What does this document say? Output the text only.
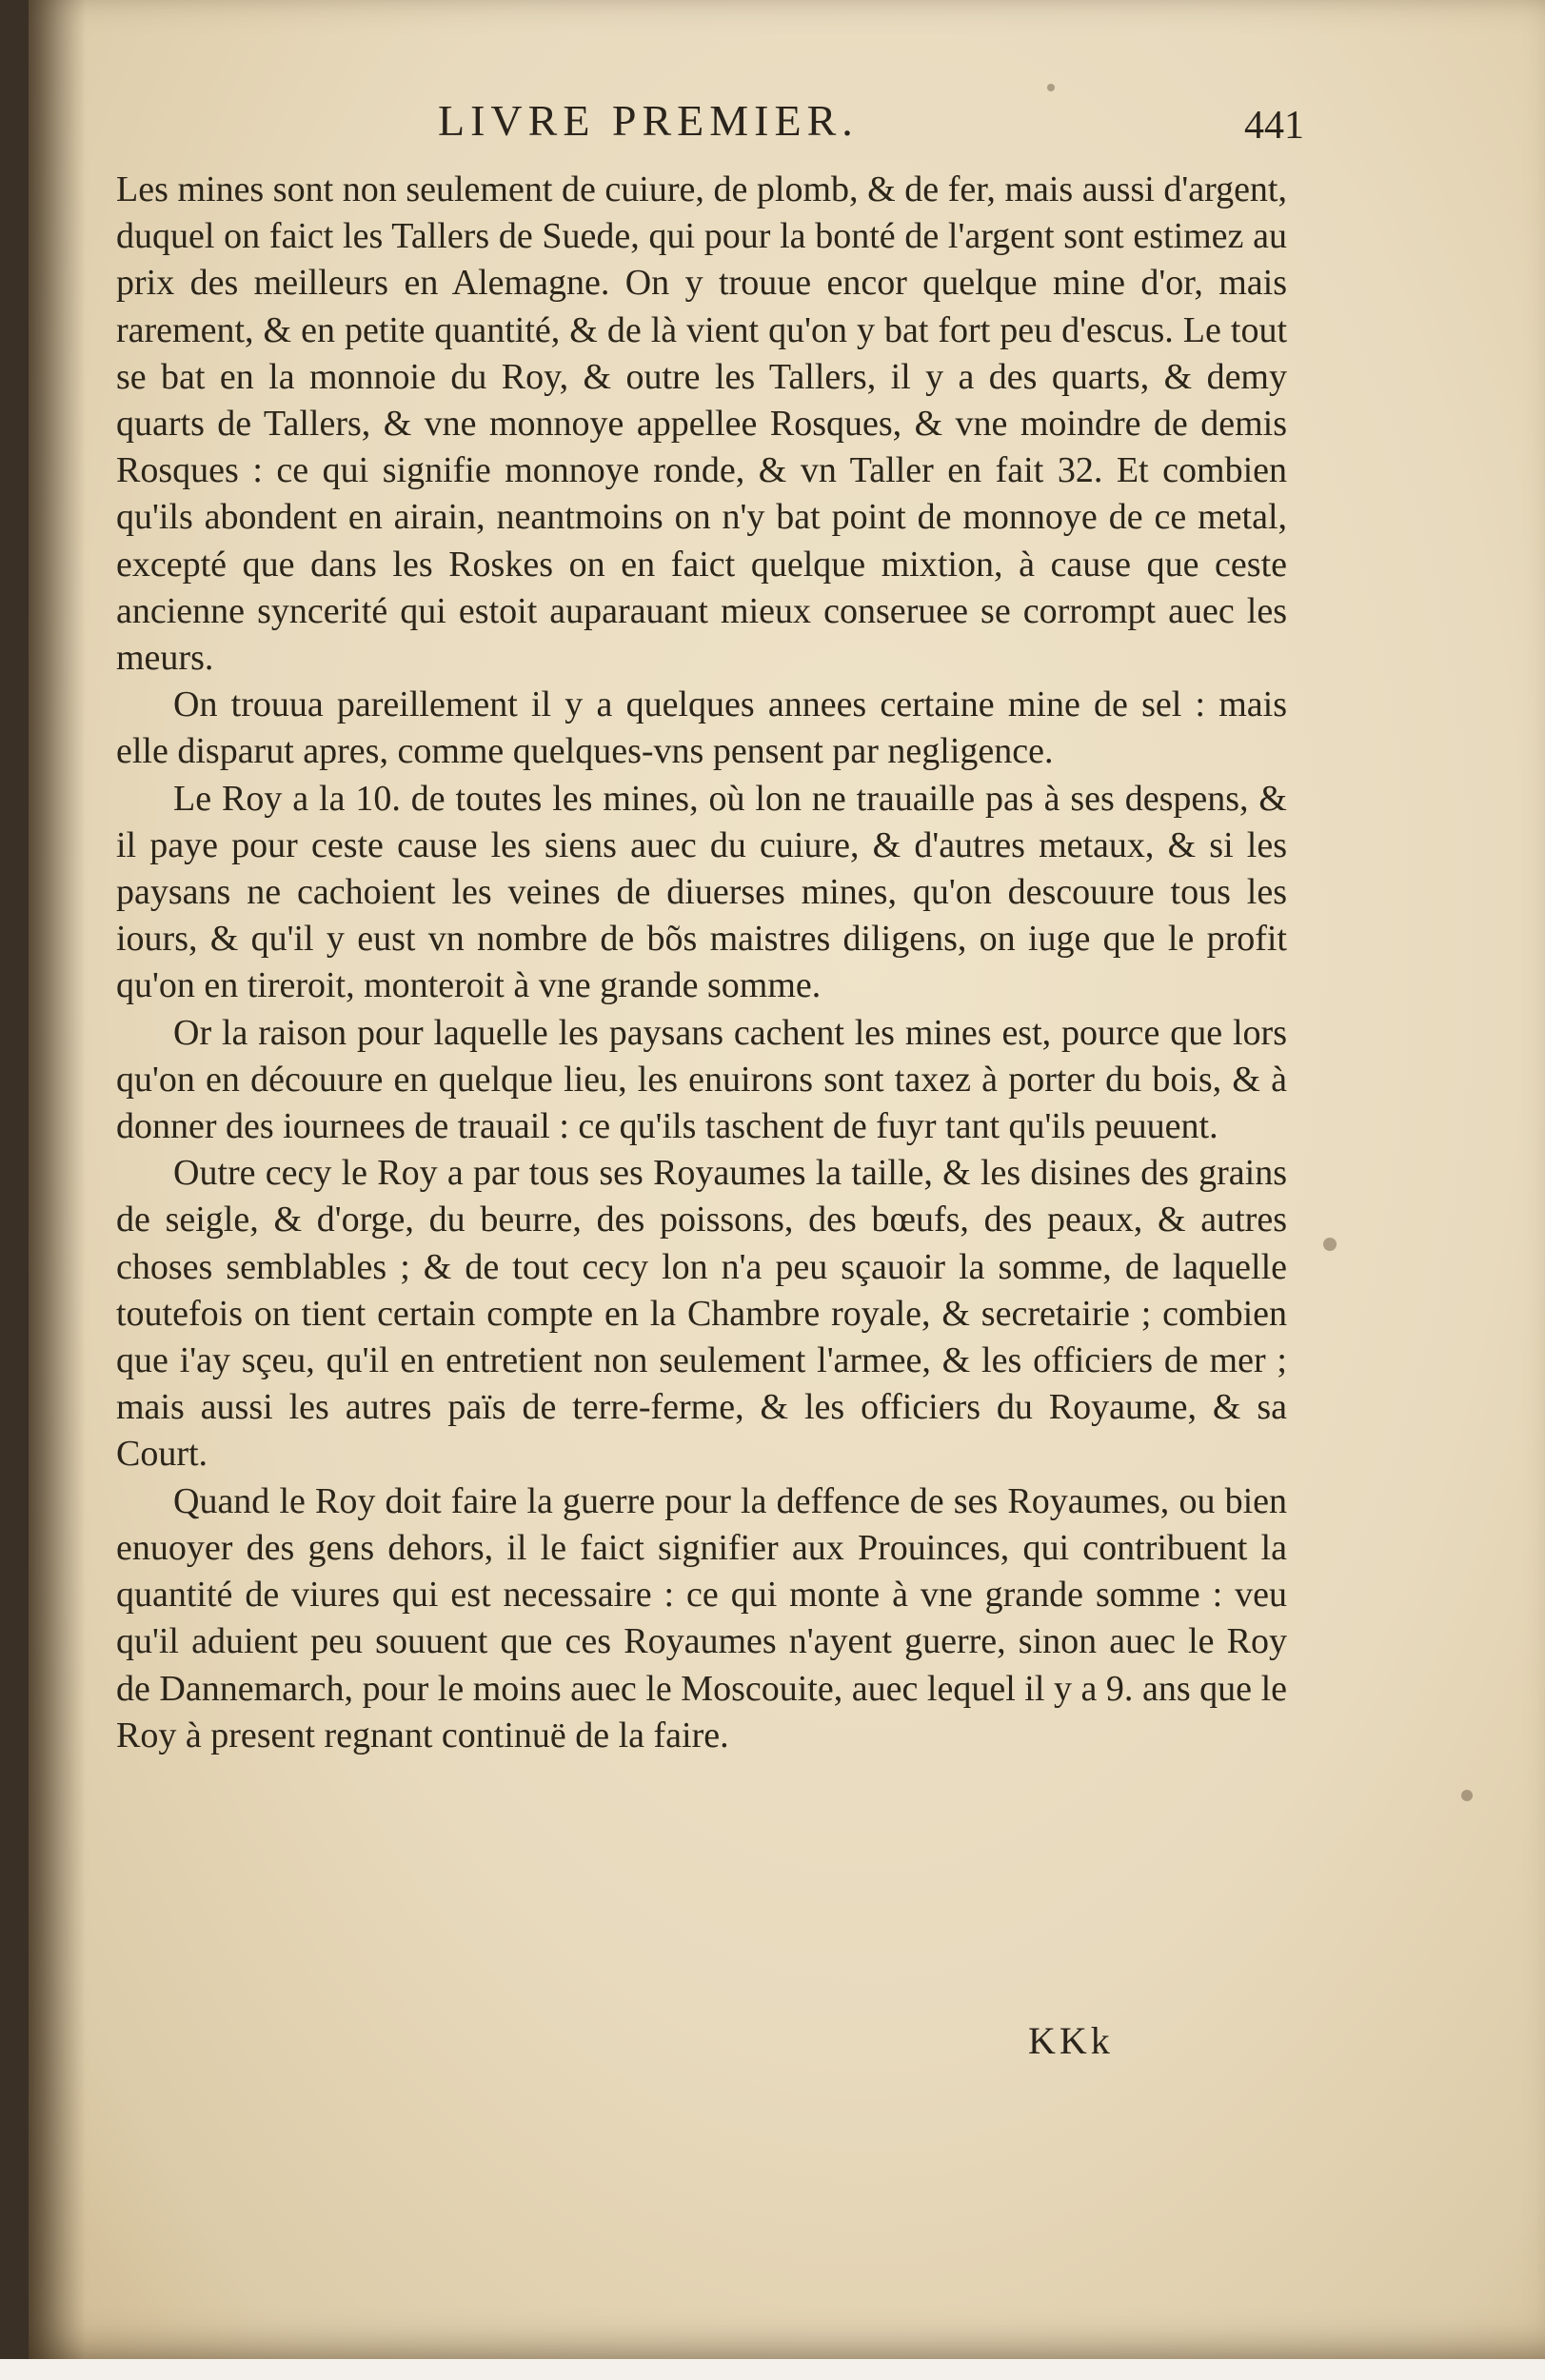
LIVRE PREMIER.	441

Les mines sont non seulement de cuiure, de plomb, & de fer, mais aussi d'argent, duquel on faict les Tallers de Suede, qui pour la bonté de l'argent sont estimez au prix des meilleurs en Alemagne. On y trouue encor quelque mine d'or, mais rarement, & en petite quantité, & de là vient qu'on y bat fort peu d'escus. Le tout se bat en la monnoie du Roy, & outre les Tallers, il y a des quarts, & demy quarts de Tallers, & vne monnoye appellee Rosques, & vne moindre de demis Rosques : ce qui signifie monnoye ronde, & vn Taller en fait 32. Et combien qu'ils abondent en airain, neantmoins on n'y bat point de monnoye de ce metal, excepté que dans les Roskes on en faict quelque mixtion, à cause que ceste ancienne syncerité qui estoit auparauant mieux conseruee se corrompt auec les meurs.

On trouua pareillement il y a quelques annees certaine mine de sel : mais elle disparut apres, comme quelques-vns pensent par negligence.

Le Roy a la 10. de toutes les mines, où lon ne trauaille pas à ses despens, & il paye pour ceste cause les siens auec du cuiure, & d'autres metaux, & si les paysans ne cachoient les veines de diuerses mines, qu'on descouure tous les iours, & qu'il y eust vn nombre de bõs maistres diligens, on iuge que le profit qu'on en tireroit, monteroit à vne grande somme.

Or la raison pour laquelle les paysans cachent les mines est, pource que lors qu'on en découure en quelque lieu, les enuirons sont taxez à porter du bois, & à donner des iournees de trauail : ce qu'ils taschent de fuyr tant qu'ils peuuent.

Outre cecy le Roy a par tous ses Royaumes la taille, & les disines des grains de seigle, & d'orge, du beurre, des poissons, des bœufs, des peaux, & autres choses semblables ; & de tout cecy lon n'a peu sçauoir la somme, de laquelle toutefois on tient certain compte en la Chambre royale, & secretairie ; combien que i'ay sçeu, qu'il en entretient non seulement l'armee, & les officiers de mer ; mais aussi les autres païs de terre-ferme, & les officiers du Royaume, & sa Court.

Quand le Roy doit faire la guerre pour la deffence de ses Royaumes, ou bien enuoyer des gens dehors, il le faict signifier aux Prouinces, qui contribuent la quantité de viures qui est necessaire : ce qui monte à vne grande somme : veu qu'il aduient peu souuent que ces Royaumes n'ayent guerre, sinon auec le Roy de Dannemarch, pour le moins auec le Moscouite, auec lequel il y a 9. ans que le Roy à present regnant continuë de la faire.

KKk
